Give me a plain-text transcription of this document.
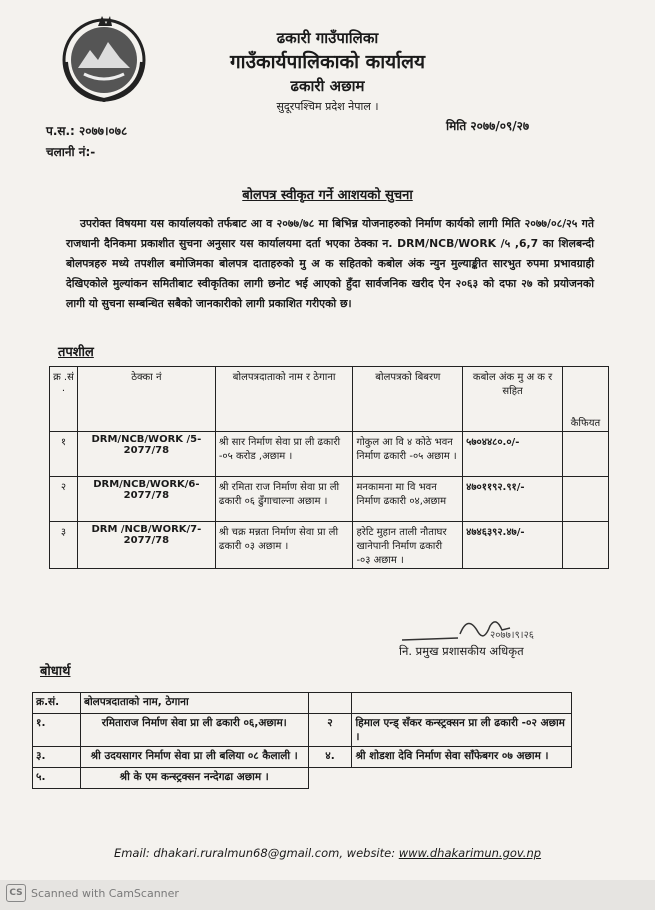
ढकारी गाउँपालिका
गाउँकार्यपालिकाको कार्यालय
ढकारी अछाम
सुदूरपश्चिम प्रदेश नेपाल ।
प.स.: २०७७।०७८
चलानी नं:-
मिति २०७७/०९/२७
बोलपत्र स्वीकृत गर्ने आशयको सुचना
उपरोक्त विषयमा यस कार्यालयको तर्फबाट आ व २०७७/७८ मा बिभिन्न योजनाहरुको निर्माण कार्यको लागी मिति २०७७/०८/२५ गते राजधानी दैनिकमा प्रकाशीत सुचना अनुसार यस कार्यालयमा दर्ता भएका ठेक्का न. DRM/NCB/WORK /५ ,6,7 का शिलबन्दी बोलपत्रहरु मध्ये तपशील बमोजिमका बोलपत्र दाताहरुको मु अ क सहितको कबोल अंक न्युन मुल्याङ्कीत सारभुत रुपमा प्रभावग्राही देखिएकोले मुल्यांकन समितीबाट स्वीकृतिका लागी छनोट भई आएको हुँदा सार्वजनिक खरीद ऐन २०६३ को दफा २७ को प्रयोजनको लागी यो सुचना सम्बन्धित सबैको जानकारीको लागी प्रकाशित गरीएको छ।
तपशील
क्र .सं .	ठेक्का नं	बोलपत्रदाताको नाम र ठेगाना	बोलपत्रको बिबरण	कबोल अंक मु अ क र सहित	कैफियत
१	DRM/NCB/WORK /5-2077/78	श्री सार निर्माण सेवा प्रा ली ढकारी -०५ करोड ,अछाम ।	गोकुल आ वि ४ कोठे भवन निर्माण ढकारी -०५ अछाम ।	५७०४४८०.०/-	
२	DRM/NCB/WORK/6-2077/78	श्री रमिता राज निर्माण सेवा प्रा ली ढकारी ०६ ढुँगाचाल्ना अछाम ।	मनकामना मा वि भवन निर्माण ढकारी ०४,अछाम	४७०११९२.९१/-	
३	DRM /NCB/WORK/7-2077/78	श्री चक्र मन्नता निर्माण सेवा प्रा ली ढकारी ०३ अछाम ।	हरेटि मुहान ताली नौताघर खानेपानी निर्माण ढकारी -०३ अछाम ।	४७४६३९२.४७/-	
२०७७।९।२६
नि. प्रमुख प्रशासकीय अधिकृत
बोधार्थ
क्र.सं.	बोलपत्रदाताको नाम, ठेगाना		
१.	रमिताराज निर्माण सेवा प्रा ली ढकारी ०६,अछाम।	२	हिमाल एन्ड् सँकर कन्स्ट्रक्सन प्रा ली ढकारी -०२ अछाम ।
३.	श्री उदयसागर निर्माण सेवा प्रा ली बलिया ०८ कैलाली ।	४.	श्री शोडशा देवि निर्माण सेवा साँफेबगर ०७ अछाम ।
५.	श्री के एम कन्स्ट्रक्सन नन्देगढा अछाम ।		
Email: dhakari.ruralmun68@gmail.com, website: www.dhakarimun.gov.np
CS Scanned with CamScanner
